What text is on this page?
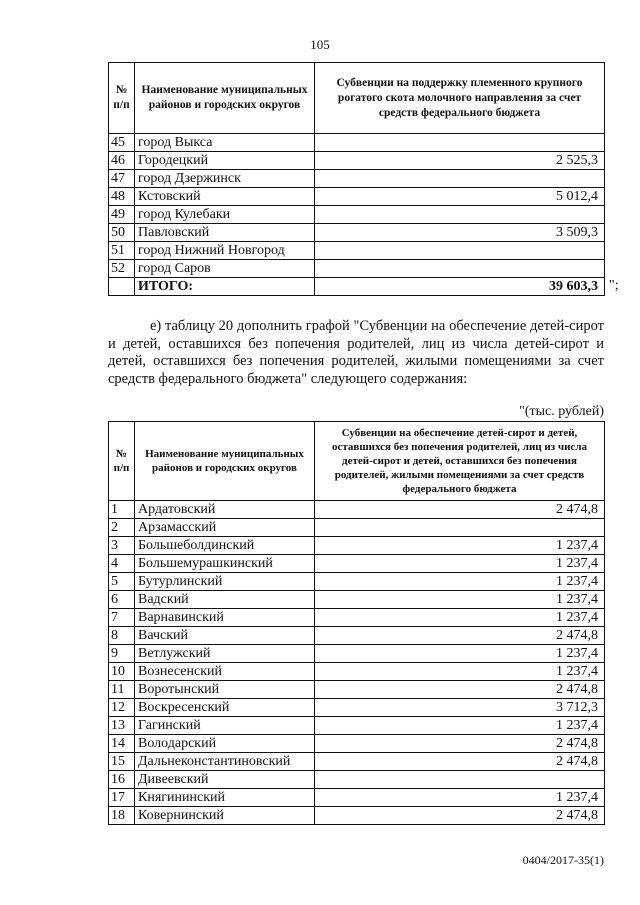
105
№ п/п	Наименование муниципальных районов и городских округов	Субвенции на поддержку племенного крупного рогатого скота молочного направления за счет средств федерального бюджета
45	город Выкса	
46	Городецкий	2 525,3
47	город Дзержинск	
48	Кстовский	5 012,4
49	город Кулебаки	
50	Павловский	3 509,3
51	город Нижний Новгород	
52	город Саров	
	ИТОГО:	39 603,3 ";

е) таблицу 20 дополнить графой "Субвенции на обеспечение детей-сирот и детей, оставшихся без попечения родителей, лиц из числа детей-сирот и детей, оставшихся без попечения родителей, жилыми помещениями за счет средств федерального бюджета" следующего содержания:

"(тыс. рублей)
№ п/п	Наименование муниципальных районов и городских округов	Субвенции на обеспечение детей-сирот и детей, оставшихся без попечения родителей, лиц из числа детей-сирот и детей, оставшихся без попечения родителей, жилыми помещениями за счет средств федерального бюджета
1	Ардатовский	2 474,8
2	Арзамасский	
3	Большеболдинский	1 237,4
4	Большемурашкинский	1 237,4
5	Бутурлинский	1 237,4
6	Вадский	1 237,4
7	Варнавинский	1 237,4
8	Вачский	2 474,8
9	Ветлужский	1 237,4
10	Вознесенский	1 237,4
11	Воротынский	2 474,8
12	Воскресенский	3 712,3
13	Гагинский	1 237,4
14	Володарский	2 474,8
15	Дальнеконстантиновский	2 474,8
16	Дивеевский	
17	Княгининский	1 237,4
18	Ковернинский	2 474,8
0404/2017-35(1)
